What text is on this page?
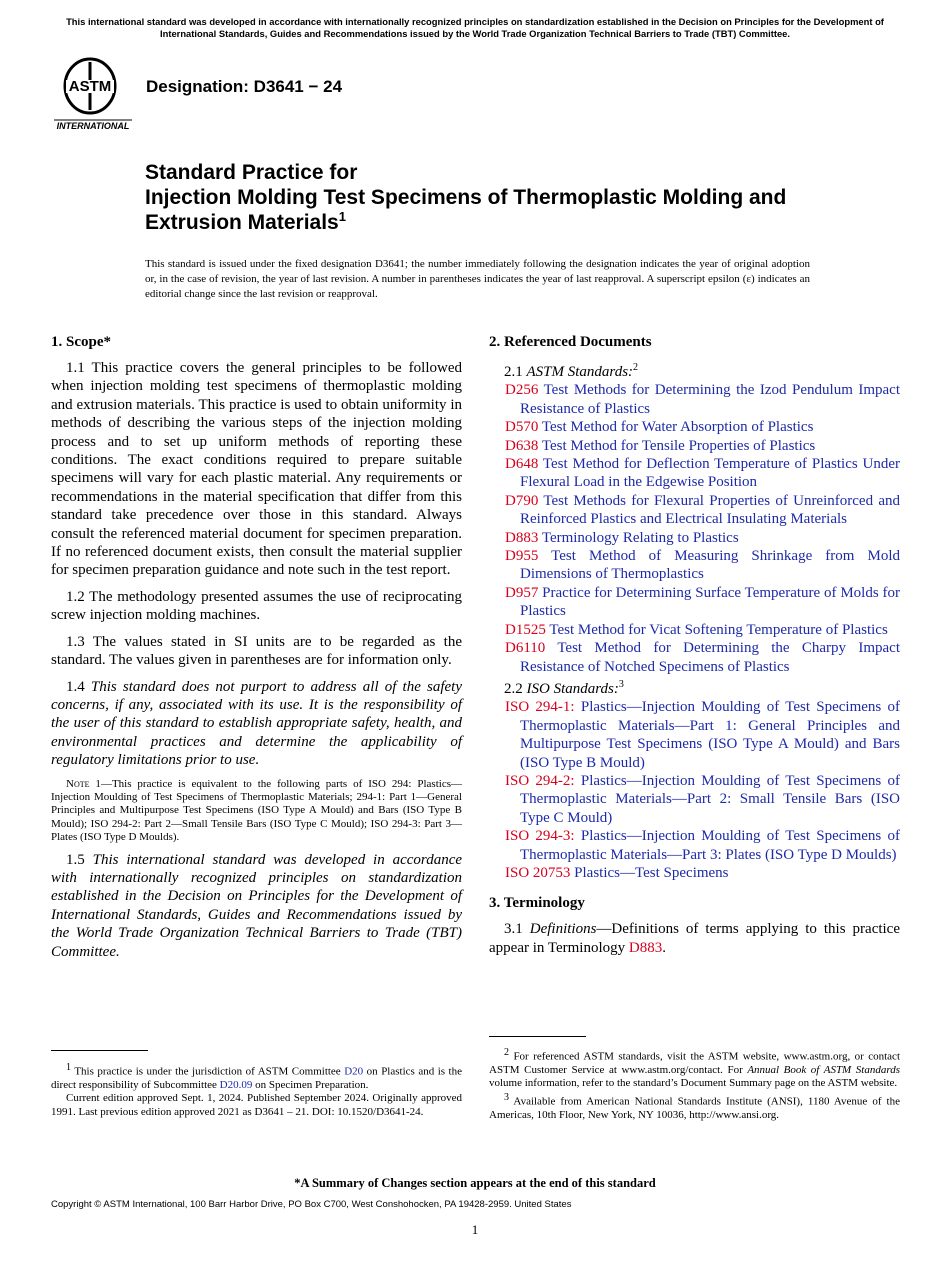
This international standard was developed in accordance with internationally recognized principles on standardization established in the Decision on Principles for the Development of International Standards, Guides and Recommendations issued by the World Trade Organization Technical Barriers to Trade (TBT) Committee.
ASTM
INTERNATIONAL
Designation: D3641 − 24
Standard Practice for
Injection Molding Test Specimens of Thermoplastic Molding and Extrusion Materials$^1$
This standard is issued under the fixed designation D3641; the number immediately following the designation indicates the year of original adoption or, in the case of revision, the year of last revision. A number in parentheses indicates the year of last reapproval. A superscript epsilon (ε) indicates an editorial change since the last revision or reapproval.
1. Scope*

1.1 This practice covers the general principles to be followed when injection molding test specimens of thermoplastic molding and extrusion materials. This practice is used to obtain uniformity in methods of describing the various steps of the injection molding process and to set up uniform methods of reporting these conditions. The exact conditions required to prepare suitable specimens will vary for each plastic material. Any requirements or recommendations in the material specification that differ from this standard take precedence over those in this standard. Always consult the referenced material document for specimen preparation. If no referenced document exists, then consult the material supplier for specimen preparation guidance and note such in the test report.

1.2 The methodology presented assumes the use of reciprocating screw injection molding machines.

1.3 The values stated in SI units are to be regarded as the standard. The values given in parentheses are for information only.

1.4 This standard does not purport to address all of the safety concerns, if any, associated with its use. It is the responsibility of the user of this standard to establish appropriate safety, health, and environmental practices and determine the applicability of regulatory limitations prior to use.

Note 1—This practice is equivalent to the following parts of ISO 294: Plastics—Injection Moulding of Test Specimens of Thermoplastic Materials; 294-1: Part 1—General Principles and Multipurpose Test Specimens (ISO Type A Mould) and Bars (ISO Type B Mould); ISO 294-2: Part 2—Small Tensile Bars (ISO Type C Mould); ISO 294-3: Part 3—Plates (ISO Type D Moulds).

1.5 This international standard was developed in accordance with internationally recognized principles on standardization established in the Decision on Principles for the Development of International Standards, Guides and Recommendations issued by the World Trade Organization Technical Barriers to Trade (TBT) Committee.

2. Referenced Documents

2.1 ASTM Standards:$^2$

D256 Test Methods for Determining the Izod Pendulum Impact Resistance of Plastics

D570 Test Method for Water Absorption of Plastics

D638 Test Method for Tensile Properties of Plastics

D648 Test Method for Deflection Temperature of Plastics Under Flexural Load in the Edgewise Position

D790 Test Methods for Flexural Properties of Unreinforced and Reinforced Plastics and Electrical Insulating Materials

D883 Terminology Relating to Plastics

D955 Test Method of Measuring Shrinkage from Mold Dimensions of Thermoplastics

D957 Practice for Determining Surface Temperature of Molds for Plastics

D1525 Test Method for Vicat Softening Temperature of Plastics

D6110 Test Method for Determining the Charpy Impact Resistance of Notched Specimens of Plastics

2.2 ISO Standards:$^3$

ISO 294-1: Plastics—Injection Moulding of Test Specimens of Thermoplastic Materials—Part 1: General Principles and Multipurpose Test Specimens (ISO Type A Mould) and Bars (ISO Type B Mould)

ISO 294-2: Plastics—Injection Moulding of Test Specimens of Thermoplastic Materials—Part 2: Small Tensile Bars (ISO Type C Mould)

ISO 294-3: Plastics—Injection Moulding of Test Specimens of Thermoplastic Materials—Part 3: Plates (ISO Type D Moulds)

ISO 20753 Plastics—Test Specimens

3. Terminology

3.1 Definitions—Definitions of terms applying to this practice appear in Terminology D883.

$^1$ This practice is under the jurisdiction of ASTM Committee D20 on Plastics and is the direct responsibility of Subcommittee D20.09 on Specimen Preparation.

Current edition approved Sept. 1, 2024. Published September 2024. Originally approved 1991. Last previous edition approved 2021 as D3641 – 21. DOI: 10.1520/D3641-24.

$^2$ For referenced ASTM standards, visit the ASTM website, www.astm.org, or contact ASTM Customer Service at www.astm.org/contact. For Annual Book of ASTM Standards volume information, refer to the standard’s Document Summary page on the ASTM website.

$^3$ Available from American National Standards Institute (ANSI), 1180 Avenue of the Americas, 10th Floor, New York, NY 10036, http://www.ansi.org.

*A Summary of Changes section appears at the end of this standard
Copyright © ASTM International, 100 Barr Harbor Drive, PO Box C700, West Conshohocken, PA 19428-2959. United States
1
